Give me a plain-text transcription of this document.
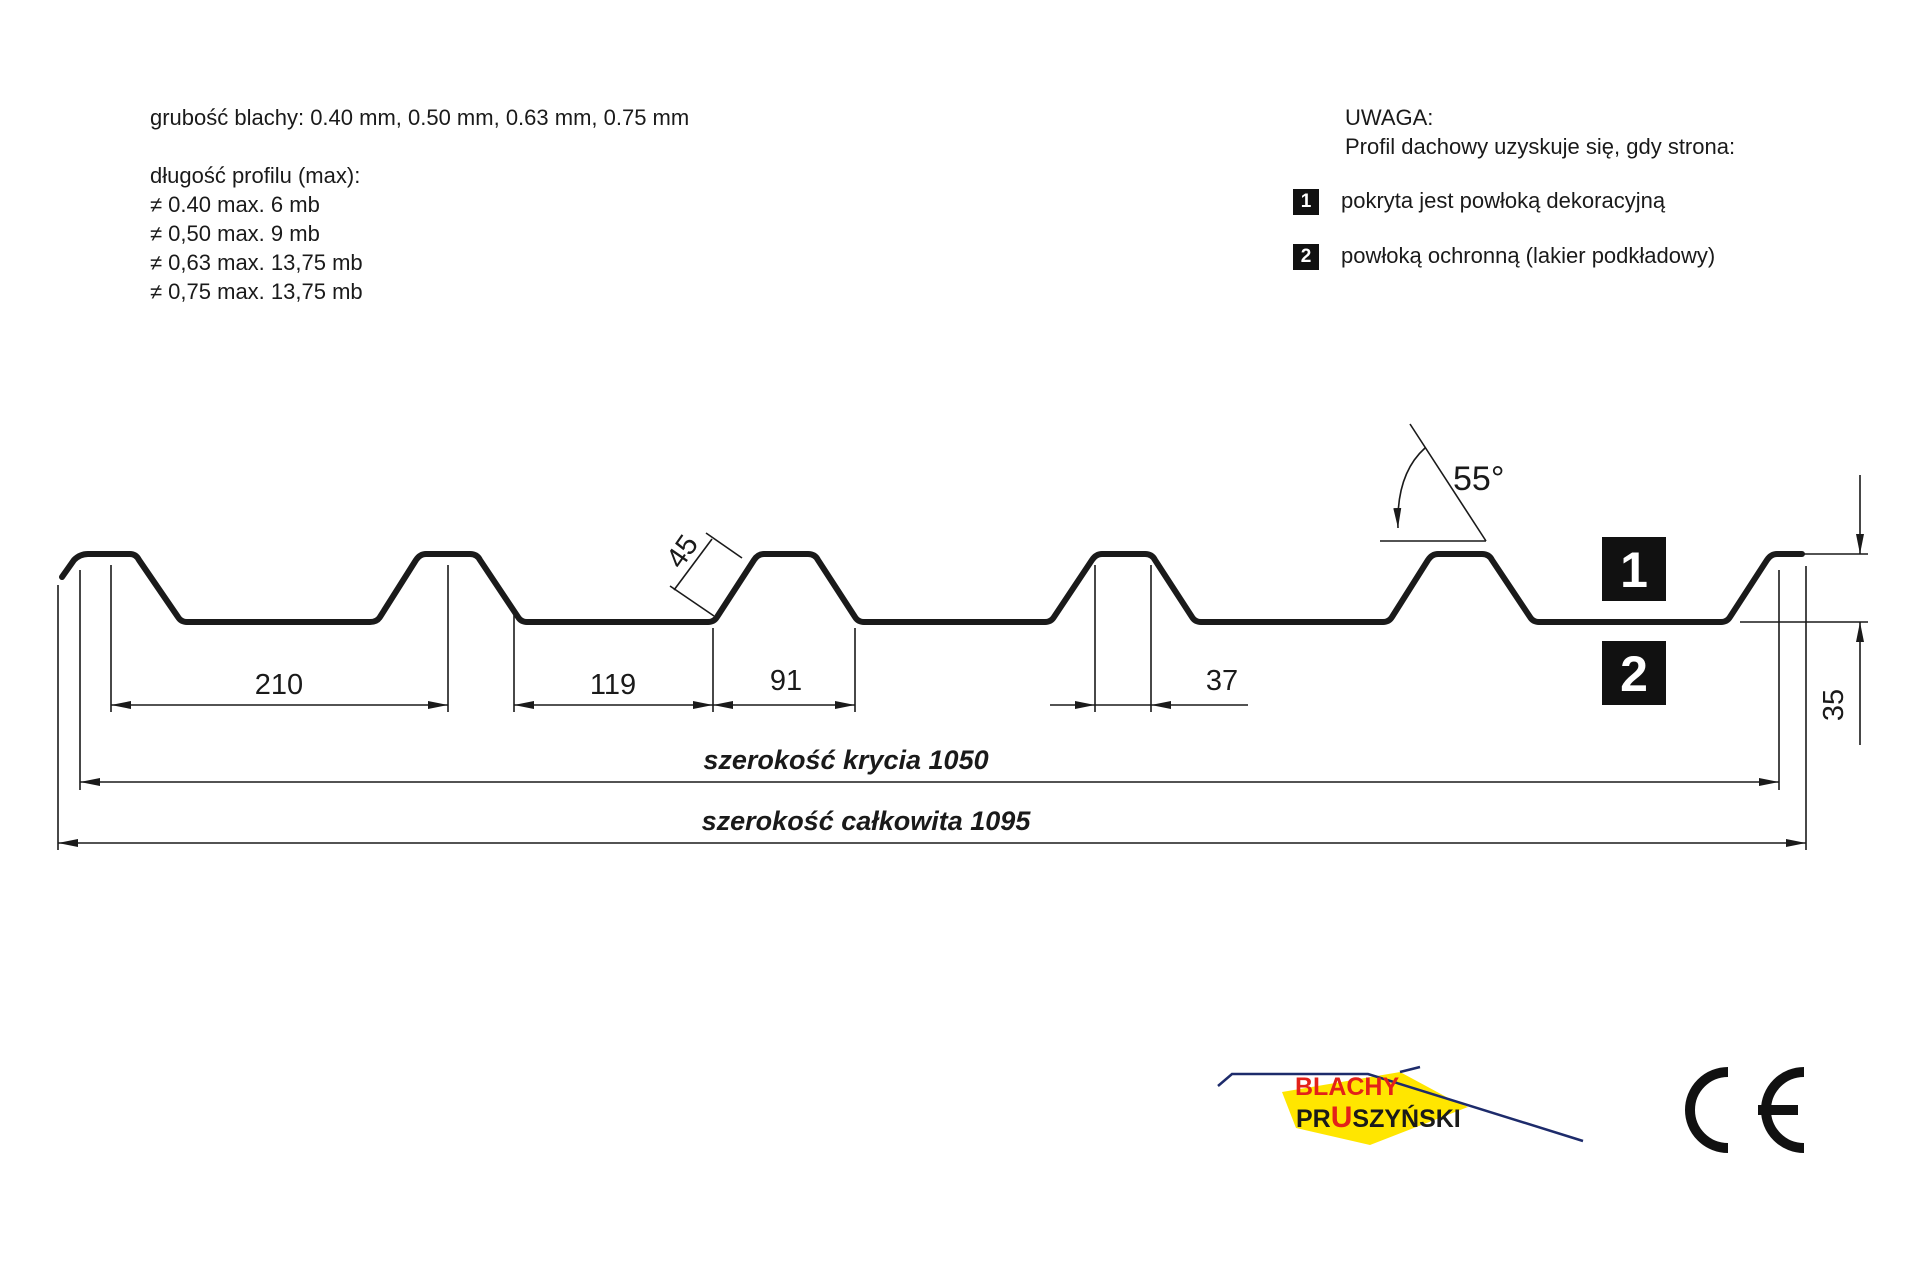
grubość blachy: 0.40 mm, 0.50 mm, 0.63 mm, 0.75 mm
długość profilu (max):
≠ 0.40 max. 6 mb
≠ 0,50 max. 9 mb
≠ 0,63 max. 13,75 mb
≠ 0,75 max. 13,75 mb
UWAGA:
Profil dachowy uzyskuje się, gdy strona:
1 pokryta jest powłoką dekoracyjną
2 powłoką ochronną (lakier podkładowy)
210	119	91	37
45
35
55°
szerokość krycia 1050
szerokość całkowita 1095
1
2
BLACHY
PRUSZYŃSKI
